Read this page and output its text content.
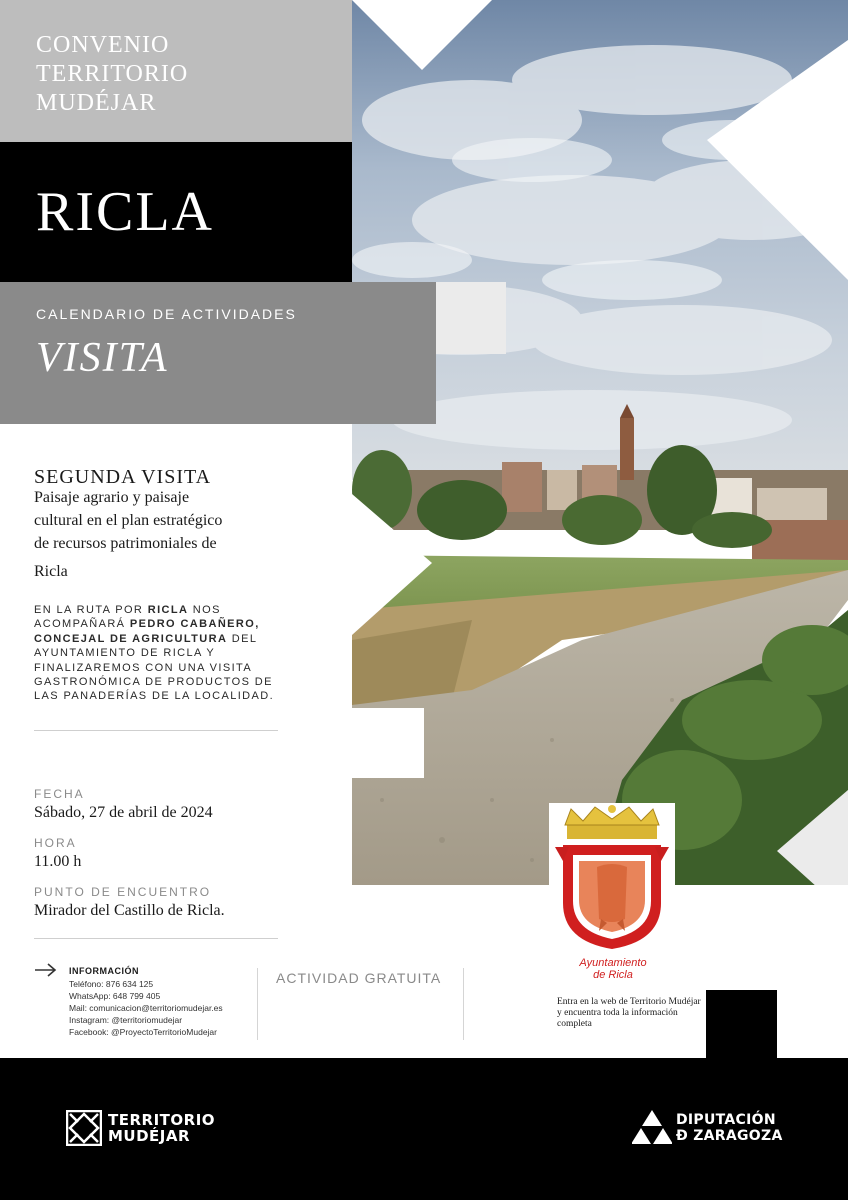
CONVENIO
TERRITORIO
MUDÉJAR
RICLA
CALENDARIO DE ACTIVIDADES
VISITA
SEGUNDA VISITA
Paisaje agrario y paisaje
cultural en el plan estratégico
de recursos patrimoniales de
Ricla
EN LA RUTA POR RICLA NOS ACOMPAÑARÁ PEDRO CABAÑERO, CONCEJAL DE AGRICULTURA DEL AYUNTAMIENTO DE RICLA Y FINALIZAREMOS CON UNA VISITA GASTRONÓMICA DE PRODUCTOS DE LAS PANADERÍAS DE LA LOCALIDAD.
FECHA
Sábado, 27 de abril de 2024
HORA
11.00 h
PUNTO DE ENCUENTRO
Mirador del Castillo de Ricla.
INFORMACIÓN
Teléfono: 876 634 125
WhatsApp: 648 799 405
Mail: comunicacion@territoriomudejar.es
Instagram: @territoriomudejar
Facebook: @ProyectoTerritorioMudejar
ACTIVIDAD GRATUITA
Ayuntamiento
de Ricla
Entra en la web de Territorio Mudéjar y encuentra toda la información completa
TERRITORIO
MUDÉJAR
DIPUTACIÓN
Ð ZARAGOZA
